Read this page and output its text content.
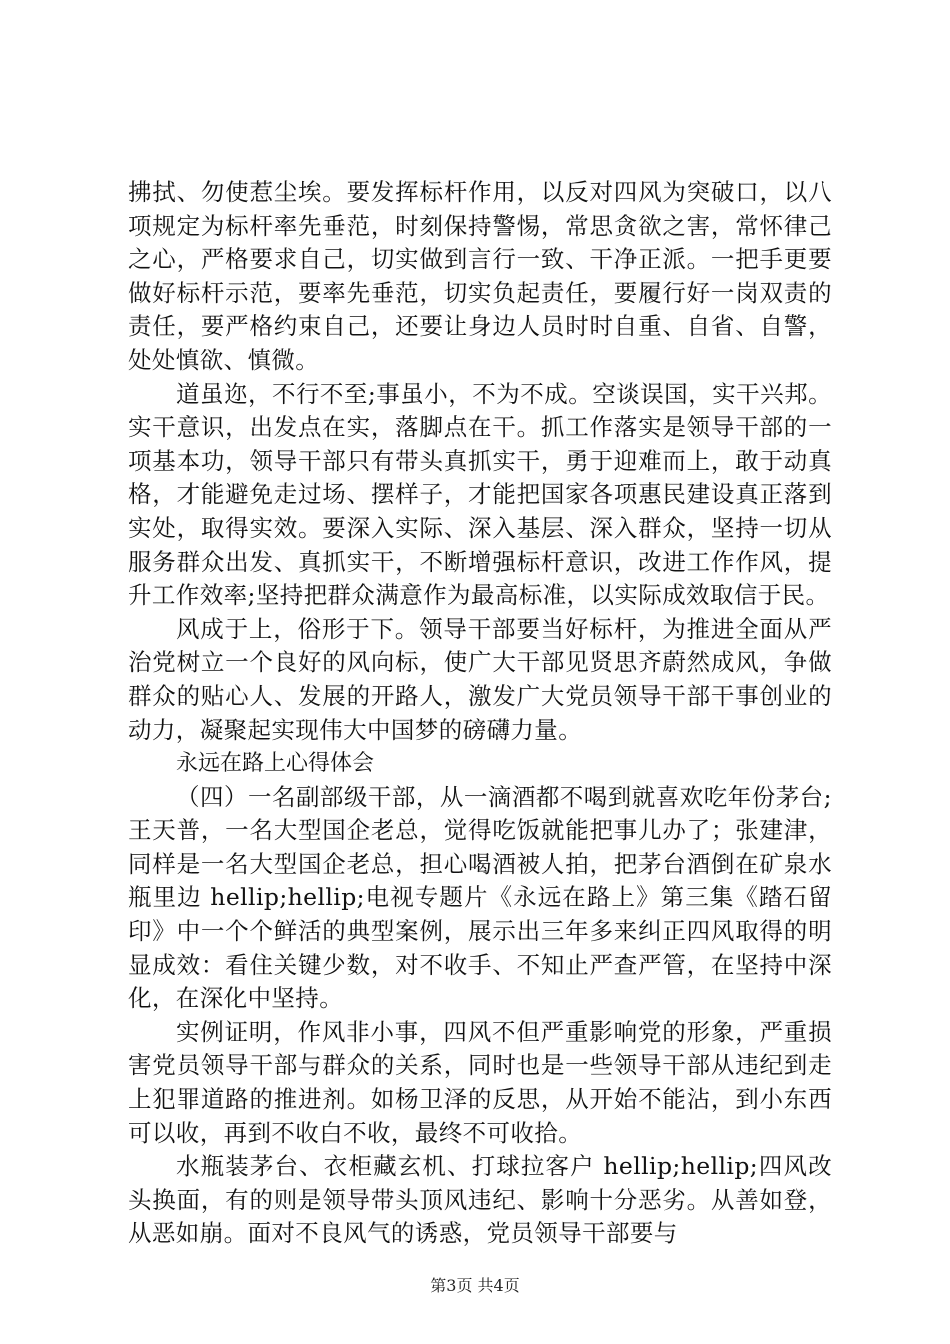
拂拭、勿使惹尘埃。要发挥标杆作用，以反对四风为突破口，以八项规定为标杆率先垂范，时刻保持警惕，常思贪欲之害，常怀律己之心，严格要求自己，切实做到言行一致、干净正派。一把手更要做好标杆示范，要率先垂范，切实负起责任，要履行好一岗双责的责任，要严格约束自己，还要让身边人员时时自重、自省、自警，处处慎欲、慎微。

道虽迩，不行不至;事虽小，不为不成。空谈误国，实干兴邦。实干意识，出发点在实，落脚点在干。抓工作落实是领导干部的一项基本功，领导干部只有带头真抓实干，勇于迎难而上，敢于动真格，才能避免走过场、摆样子，才能把国家各项惠民建设真正落到实处，取得实效。要深入实际、深入基层、深入群众，坚持一切从服务群众出发、真抓实干，不断增强标杆意识，改进工作作风，提升工作效率;坚持把群众满意作为最高标准，以实际成效取信于民。

风成于上，俗形于下。领导干部要当好标杆，为推进全面从严治党树立一个良好的风向标，使广大干部见贤思齐蔚然成风，争做群众的贴心人、发展的开路人，激发广大党员领导干部干事创业的动力，凝聚起实现伟大中国梦的磅礴力量。

永远在路上心得体会

（四）一名副部级干部，从一滴酒都不喝到就喜欢吃年份茅台;王天普，一名大型国企老总，觉得吃饭就能把事儿办了；张建津，同样是一名大型国企老总，担心喝酒被人拍，把茅台酒倒在矿泉水瓶里边 hellip;hellip;电视专题片《永远在路上》第三集《踏石留印》中一个个鲜活的典型案例，展示出三年多来纠正四风取得的明显成效：看住关键少数，对不收手、不知止严查严管，在坚持中深化，在深化中坚持。

实例证明，作风非小事，四风不但严重影响党的形象，严重损害党员领导干部与群众的关系，同时也是一些领导干部从违纪到走上犯罪道路的推进剂。如杨卫泽的反思，从开始不能沾，到小东西可以收，再到不收白不收，最终不可收拾。

水瓶装茅台、衣柜藏玄机、打球拉客户 hellip;hellip;四风改头换面，有的则是领导带头顶风违纪、影响十分恶劣。从善如登，从恶如崩。面对不良风气的诱惑，党员领导干部要与

第3页 共4页
